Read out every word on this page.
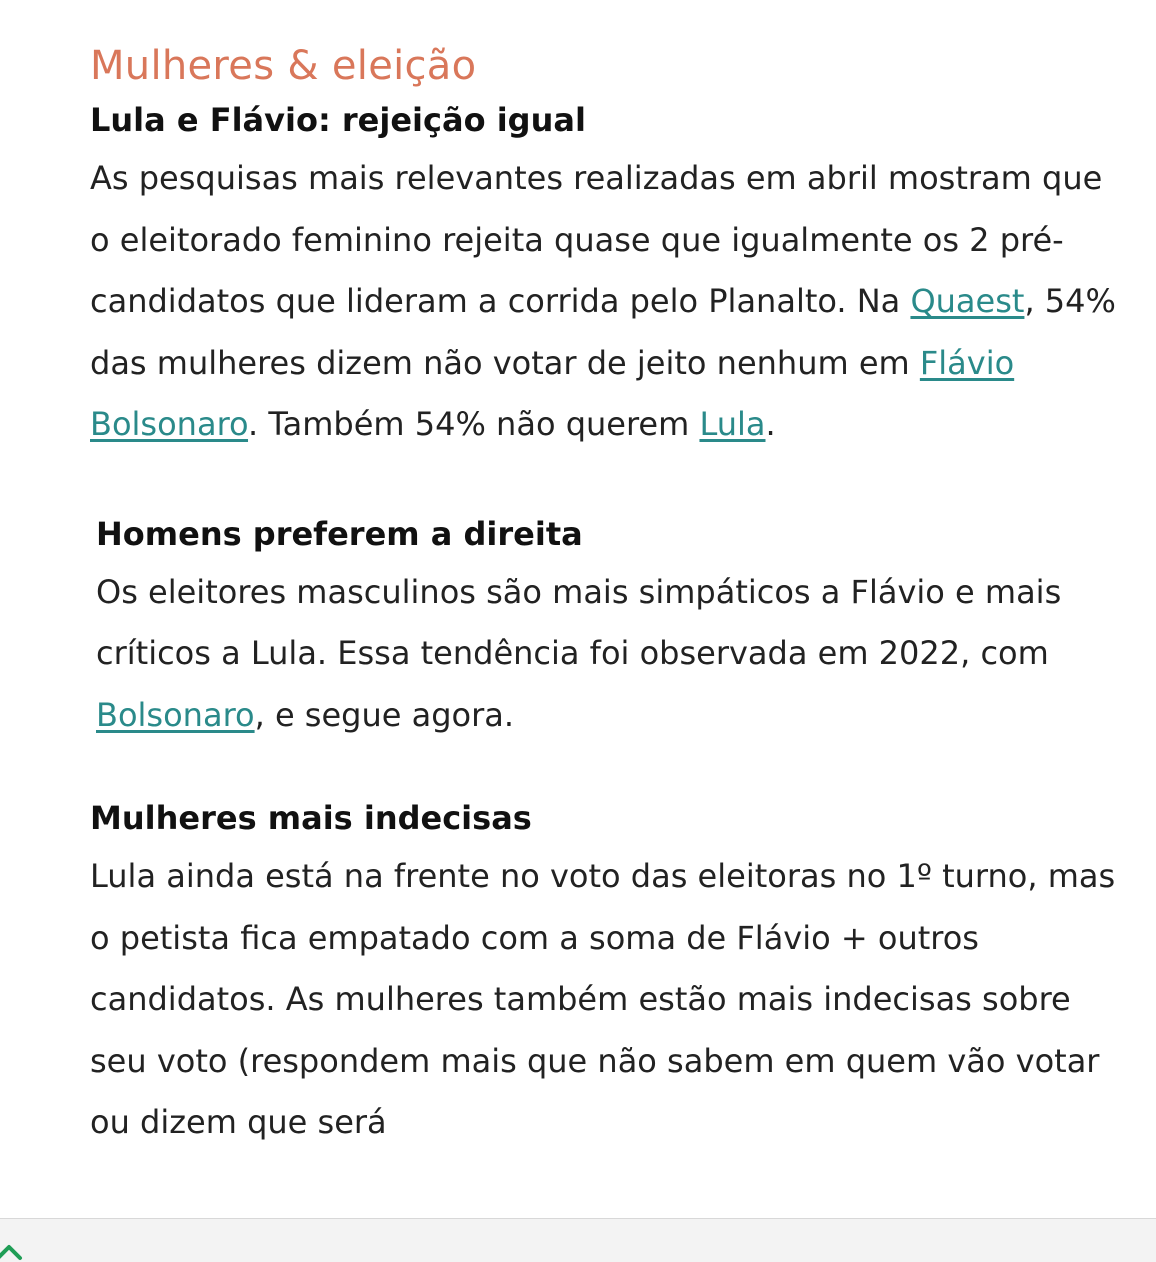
Mulheres & eleição
Lula e Flávio: rejeição igual

As pesquisas mais relevantes realizadas em abril mostram que o eleitorado feminino rejeita quase que igualmente os 2 pré-candidatos que lideram a corrida pelo Planalto. Na Quaest, 54% das mulheres dizem não votar de jeito nenhum em Flávio Bolsonaro. Também 54% não querem Lula.

Homens preferem a direita

Os eleitores masculinos são mais simpáticos a Flávio e mais críticos a Lula. Essa tendência foi observada em 2022, com Bolsonaro, e segue agora.

Mulheres mais indecisas

Lula ainda está na frente no voto das eleitoras no 1º turno, mas o petista fica empatado com a soma de Flávio + outros candidatos. As mulheres também estão mais indecisas sobre seu voto (respondem mais que não sabem em quem vão votar ou dizem que será
